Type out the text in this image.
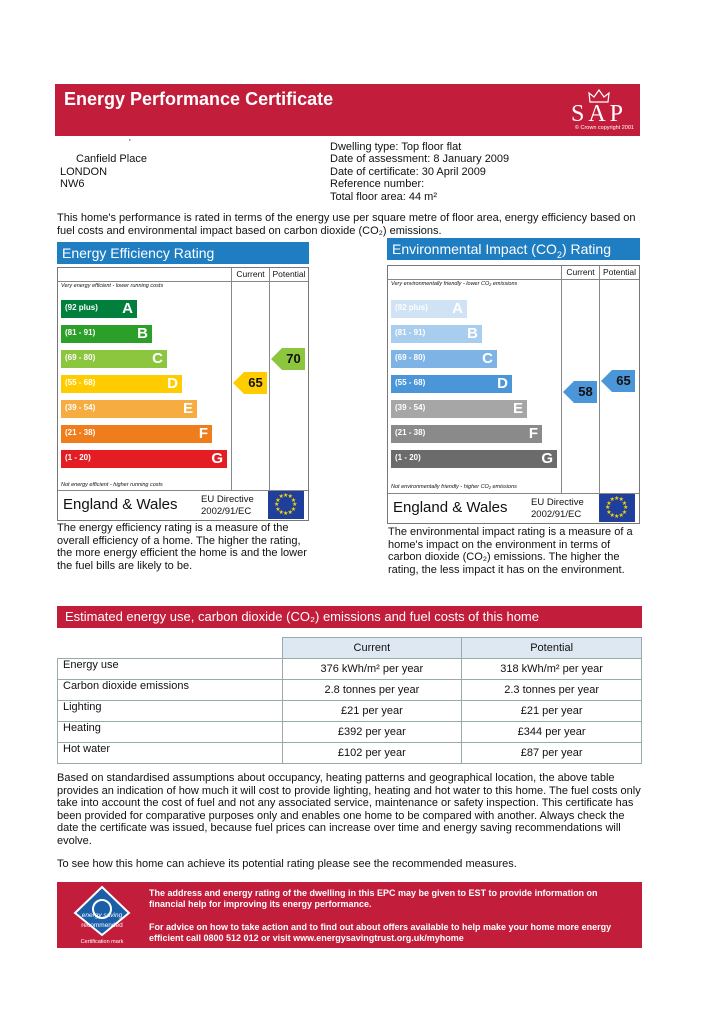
Energy Performance Certificate
SAP
© Crown copyright 2001
·
Canfield Place
LONDON
NW6
Dwelling type: Top floor flat
Date of assessment: 8 January 2009
Date of certificate: 30 April 2009
Reference number:
Total floor area: 44 m²
This home's performance is rated in terms of the energy use per square metre of floor area, energy efficiency based on fuel costs and environmental impact based on carbon dioxide (CO₂) emissions.
Energy Efficiency Rating
Current Potential
Very energy efficient - lower running costs
Not energy efficient - higher running costs
(92 plus) A
(81 - 91)	B
(69 - 80)	C
(55 - 68)	D
(39 - 54)	E
(21 - 38)	F
(1 - 20)	G
65
70
England & Wales EU Directive
2002/91/EC
★
★
★
★
★
★
★
★
★ ★ ★
★
The energy efficiency rating is a measure of the overall efficiency of a home. The higher the rating, the more energy efficient the home is and the lower the fuel bills are likely to be.
Environmental Impact $(CO_2)$ Rating
Current Potential
Very environmentally friendly - lower CO₂ emissions
Not environmentally friendly - higher CO₂ emissions
(92 plus) A
(81 - 91)	B
(69 - 80)	C
(55 - 68)	D
(39 - 54)	E
(21 - 38)	F
(1 - 20)	G
58
65
England & Wales EU Directive
2002/91/EC
★
★
★
★
★
★
★
★
★ ★ ★
★
The environmental impact rating is a measure of a home's impact on the environment in terms of carbon dioxide (CO₂) emissions. The higher the rating, the less impact it has on the environment.
Estimated energy use, carbon dioxide (CO₂) emissions and fuel costs of this home
	Current	Potential
Energy use	376 kWh/m² per year	318 kWh/m² per year
Carbon dioxide emissions	2.8 tonnes per year	2.3 tonnes per year
Lighting	£21 per year	£21 per year
Heating	£392 per year	£344 per year
Hot water	£102 per year	£87 per year
Based on standardised assumptions about occupancy, heating patterns and geographical location, the above table provides an indication of how much it will cost to provide lighting, heating and hot water to this home. The fuel costs only take into account the cost of fuel and not any associated service, maintenance or safety inspection. This certificate has been provided for comparative purposes only and enables one home to be compared with another. Always check the date the certificate was issued, because fuel prices can increase over time and energy saving recommendations will evolve.
To see how this home can achieve its potential rating please see the recommended measures.
energy saving
recommended
Certification mark
The address and energy rating of the dwelling in this EPC may be given to EST to provide information on financial help for improving its energy performance.
For advice on how to take action and to find out about offers available to help make your home more energy efficient call 0800 512 012 or visit www.energysavingtrust.org.uk/myhome
